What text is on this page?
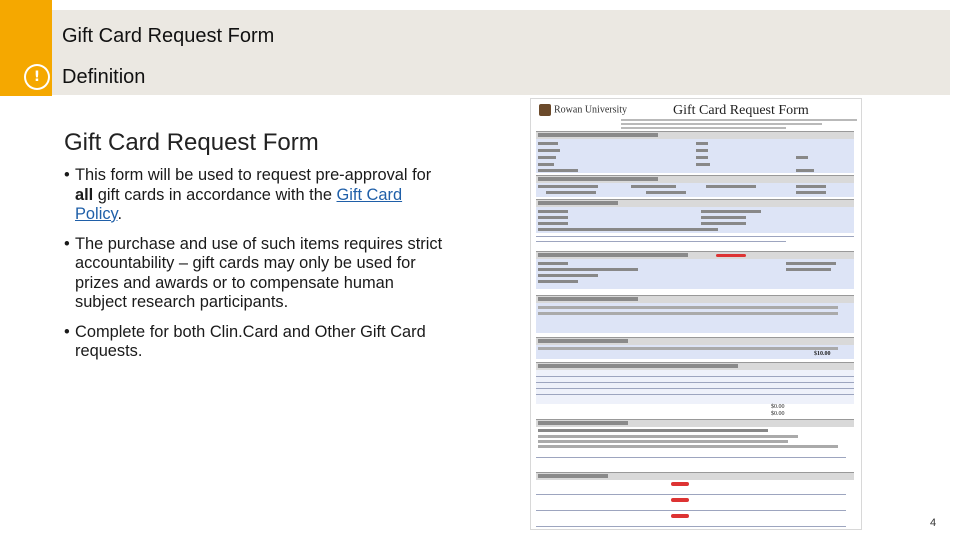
!
Gift Card Request Form
Definition
Gift Card Request Form
• This form will be used to request pre-approval for all gift cards in accordance with the Gift Card Policy.
• The purchase and use of such items requires strict accountability – gift cards may only be used for prizes and awards or to compensate human subject research participants.
• Complete for both Clin.Card and Other Gift Card requests.
Rowan University
	Gift Card Request Form
$10.00
$0.00
$0.00
4
